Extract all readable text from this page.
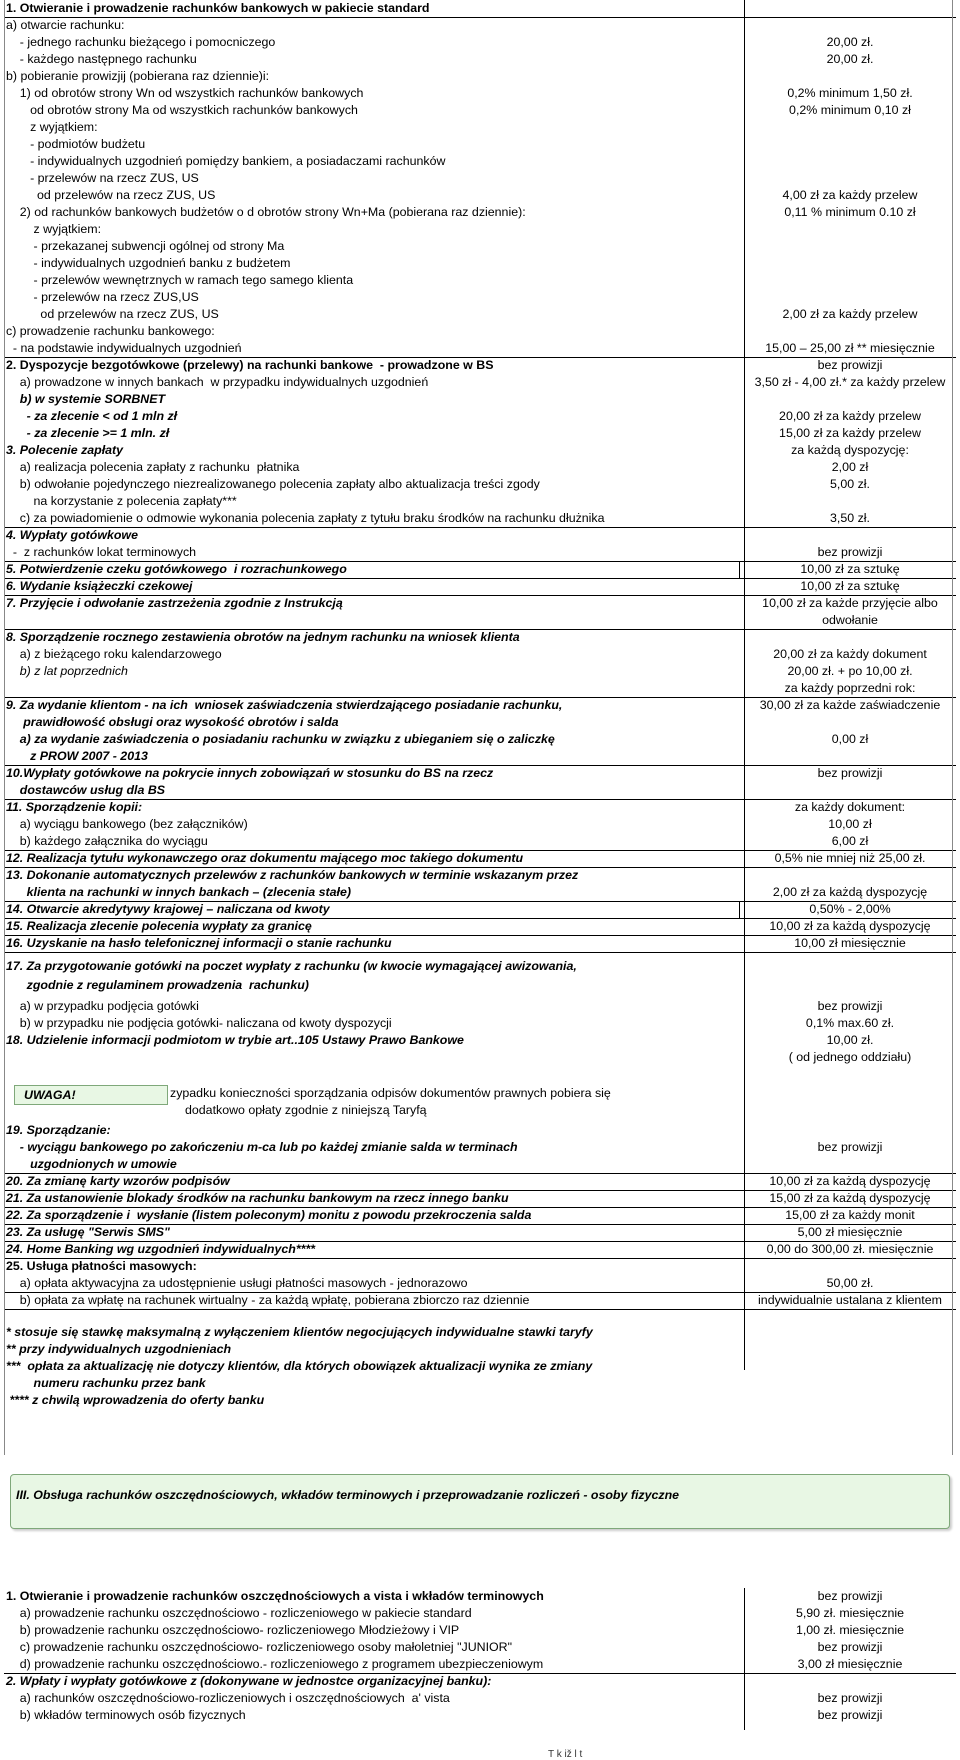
1. Otwieranie i prowadzenie rachunków bankowych w pakiecie standard
a) otwarcie rachunku:
- jednego rachunku bieżącego i pomocniczego	20,00 zł.
- każdego następnego rachunku	20,00 zł.
b) pobieranie prowizjij (pobierana raz dziennie)i:
1) od obrotów strony Wn od wszystkich rachunków bankowych	0,2% minimum 1,50 zł.
od obrotów strony Ma od wszystkich rachunków bankowych	0,2% minimum 0,10 zł
z wyjątkiem:
- podmiotów budżetu
- indywidualnych uzgodnień pomiędzy bankiem, a posiadaczami rachunków
- przelewów na rzecz ZUS, US
od przelewów na rzecz ZUS, US	4,00 zł za każdy przelew
2) od rachunków bankowych budżetów o d obrotów strony Wn+Ma (pobierana raz dziennie):	0,11 % minimum 0.10 zł
z wyjątkiem:
- przekazanej subwencji ogólnej od strony Ma
- indywidualnych uzgodnień banku z budżetem
- przelewów wewnętrznych w ramach tego samego klienta
- przelewów na rzecz ZUS,US
od przelewów na rzecz ZUS, US	2,00 zł za każdy przelew
c) prowadzenie rachunku bankowego:
- na podstawie indywidualnych uzgodnień	15,00 – 25,00 zł ** miesięcznie
2. Dyspozycje bezgotówkowe (przelewy) na rachunki bankowe  - prowadzone w BS	bez prowizji
a) prowadzone w innych bankach  w przypadku indywidualnych uzgodnień	3,50 zł - 4,00 zł.* za każdy przelew
b) w systemie SORBNET
- za zlecenie < od 1 mln zł	20,00 zł za każdy przelew
- za zlecenie >= 1 mln. zł	15,00 zł za każdy przelew
3. Polecenie zapłaty	za każdą dyspozycję:
a) realizacja polecenia zapłaty z rachunku  płatnika	2,00 zł
b) odwołanie pojedynczego niezrealizowanego polecenia zapłaty albo aktualizacja treści zgody	5,00 zł.
na korzystanie z polecenia zapłaty***
c) za powiadomienie o odmowie wykonania polecenia zapłaty z tytułu braku środków na rachunku dłużnika	3,50 zł.
4. Wypłaty gotówkowe
-  z rachunków lokat terminowych	bez prowizji
5. Potwierdzenie czeku gotówkowego  i rozrachunkowego	10,00 zł za sztukę
6. Wydanie książeczki czekowej	10,00 zł za sztukę
7. Przyjęcie i odwołanie zastrzeżenia zgodnie z Instrukcją	10,00 zł za każde przyjęcie albo
odwołanie
8. Sporządzenie rocznego zestawienia obrotów na jednym rachunku na wniosek klienta
a) z bieżącego roku kalendarzowego	20,00 zł za każdy dokument
b) z lat poprzednich	20,00 zł. + po 10,00 zł.
za każdy poprzedni rok:
9. Za wydanie klientom - na ich  wniosek zaświadczenia stwierdzającego posiadanie rachunku,	30,00 zł za każde zaświadczenie
prawidłowość obsługi oraz wysokość obrotów i salda
a) za wydanie zaświadczenia o posiadaniu rachunku w związku z ubieganiem się o zaliczkę	0,00 zł
z PROW 2007 - 2013
10.Wypłaty gotówkowe na pokrycie innych zobowiązań w stosunku do BS na rzecz	bez prowizji
dostawców usług dla BS
11. Sporządzenie kopii:	za każdy dokument:
a) wyciągu bankowego (bez załączników)	10,00 zł
b) każdego załącznika do wyciągu	6,00 zł
12. Realizacja tytułu wykonawczego oraz dokumentu mającego moc takiego dokumentu	0,5% nie mniej niż 25,00 zł.
13. Dokonanie automatycznych przelewów z rachunków bankowych w terminie wskazanym przez
klienta na rachunki w innych bankach – (zlecenia stałe)	2,00 zł za każdą dyspozycję
14. Otwarcie akredytywy krajowej – naliczana od kwoty	0,50% - 2,00%
15. Realizacja zlecenie polecenia wypłaty za granicę	10,00 zł za każdą dyspozycję
16. Uzyskanie na hasło telefonicznej informacji o stanie rachunku	10,00 zł miesięcznie
17. Za przygotowanie gotówki na poczet wypłaty z rachunku (w kwocie wymagającej awizowania,
zgodnie z regulaminem prowadzenia  rachunku)
a) w przypadku podjęcia gotówki	bez prowizji
b) w przypadku nie podjęcia gotówki- naliczana od kwoty dyspozycji	0,1% max.60 zł.
18. Udzielenie informacji podmiotom w trybie art..105 Ustawy Prawo Bankowe	10,00 zł.
( od jednego oddziału)
19. Sporządzanie:
- wyciągu bankowego po zakończeniu m-ca lub po każdej zmianie salda w terminach	bez prowizji
uzgodnionych w umowie
20. Za zmianę karty wzorów podpisów	10,00 zł za każdą dyspozycję
21. Za ustanowienie blokady środków na rachunku bankowym na rzecz innego banku	15,00 zł za każdą dyspozycję
22. Za sporządzenie i  wysłanie (listem poleconym) monitu z powodu przekroczenia salda	15,00 zł za każdy monit
23. Za usługę "Serwis SMS"	5,00 zł miesięcznie
24. Home Banking wg uzgodnień indywidualnych****	0,00 do 300,00 zł. miesięcznie
25. Usługa płatności masowych:
a) opłata aktywacyjna za udostępnienie usługi płatności masowych - jednorazowo	50,00 zł.
b) opłata za wpłatę na rachunek wirtualny - za każdą wpłatę, pobierana zbiorczo raz dziennie	indywidualnie ustalana z klientem
* stosuje się stawkę maksymalną z wyłączeniem klientów negocjujących indywidualne stawki taryfy
** przy indywidualnych uzgodnieniach
***  opłata za aktualizację nie dotyczy klientów, dla których obowiązek aktualizacji wynika ze zmiany
numeru rachunku przez bank
**** z chwilą wprowadzenia do oferty banku
1. Otwieranie i prowadzenie rachunków oszczędnościowych a vista i wkładów terminowych	bez prowizji
a) prowadzenie rachunku oszczędnościowo - rozliczeniowego w pakiecie standard	5,90 zł. miesięcznie
b) prowadzenie rachunku oszczędnościowo- rozliczeniowego Młodzieżowy i VIP	1,00 zł. miesięcznie
c) prowadzenie rachunku oszczędnościowo- rozliczeniowego osoby małoletniej "JUNIOR"	bez prowizji
d) prowadzenie rachunku oszczędnościowo.- rozliczeniowego z programem ubezpieczeniowym	3,00 zł miesięcznie
2. Wpłaty i wypłaty gotówkowe z (dokonywane w jednostce organizacyjnej banku):
a) rachunków oszczędnościowo-rozliczeniowych i oszczędnościowych  a' vista	bez prowizji
b) wkładów terminowych osób fizycznych	bez prowizji
UWAGA!	zypadku konieczności sporządzania odpisów dokumentów prawnych pobiera się
dodatkowo opłaty zgodnie z niniejszą Taryfą
III. Obsługa rachunków oszczędnościowych, wkładów terminowych i przeprowadzanie rozliczeń - osoby fizyczne
T k iž l t
